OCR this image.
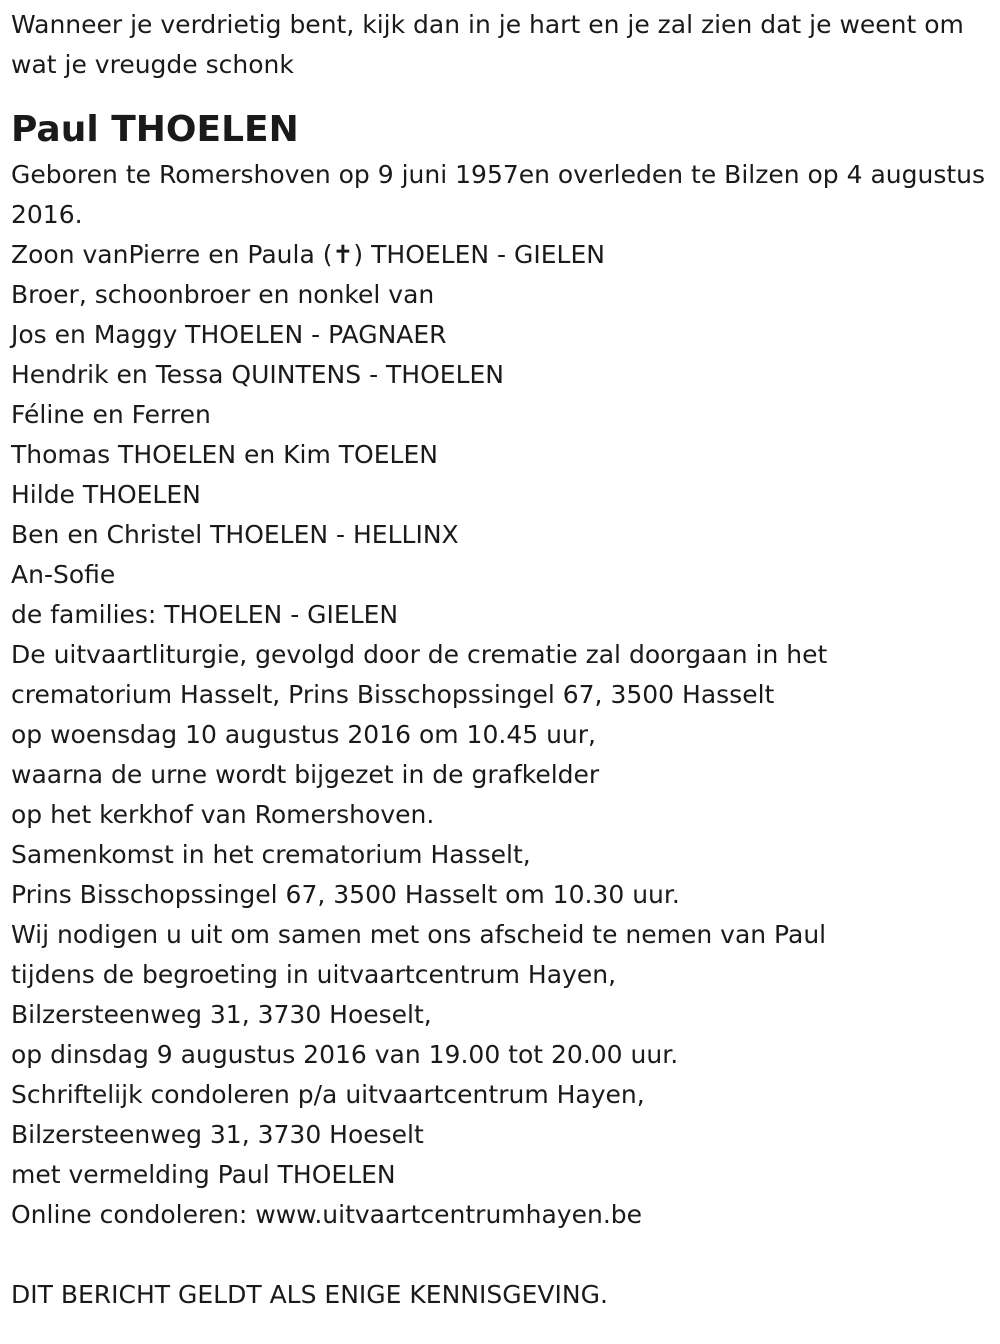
Wanneer je verdrietig bent, kijk dan in je hart en je zal zien dat je weent om wat je vreugde schonk

Paul THOELEN
Geboren te Romershoven op 9 juni 1957en overleden te Bilzen op 4 augustus 2016.
Zoon vanPierre en Paula (✝) THOELEN - GIELEN
Broer, schoonbroer en nonkel van
Jos en Maggy THOELEN - PAGNAER
Hendrik en Tessa QUINTENS - THOELEN
Féline en Ferren
Thomas THOELEN en Kim TOELEN
Hilde THOELEN
Ben en Christel THOELEN - HELLINX
An-Sofie
de families: THOELEN - GIELEN
De uitvaartliturgie, gevolgd door de crematie zal doorgaan in het
crematorium Hasselt, Prins Bisschopssingel 67, 3500 Hasselt
op woensdag 10 augustus 2016 om 10.45 uur,
waarna de urne wordt bijgezet in de grafkelder
op het kerkhof van Romershoven.
Samenkomst in het crematorium Hasselt,
Prins Bisschopssingel 67, 3500 Hasselt om 10.30 uur.
Wij nodigen u uit om samen met ons afscheid te nemen van Paul
tijdens de begroeting in uitvaartcentrum Hayen,
Bilzersteenweg 31, 3730 Hoeselt,
op dinsdag 9 augustus 2016 van 19.00 tot 20.00 uur.
Schriftelijk condoleren p/a uitvaartcentrum Hayen,
Bilzersteenweg 31, 3730 Hoeselt
met vermelding Paul THOELEN
Online condoleren: www.uitvaartcentrumhayen.be

DIT BERICHT GELDT ALS ENIGE KENNISGEVING.
